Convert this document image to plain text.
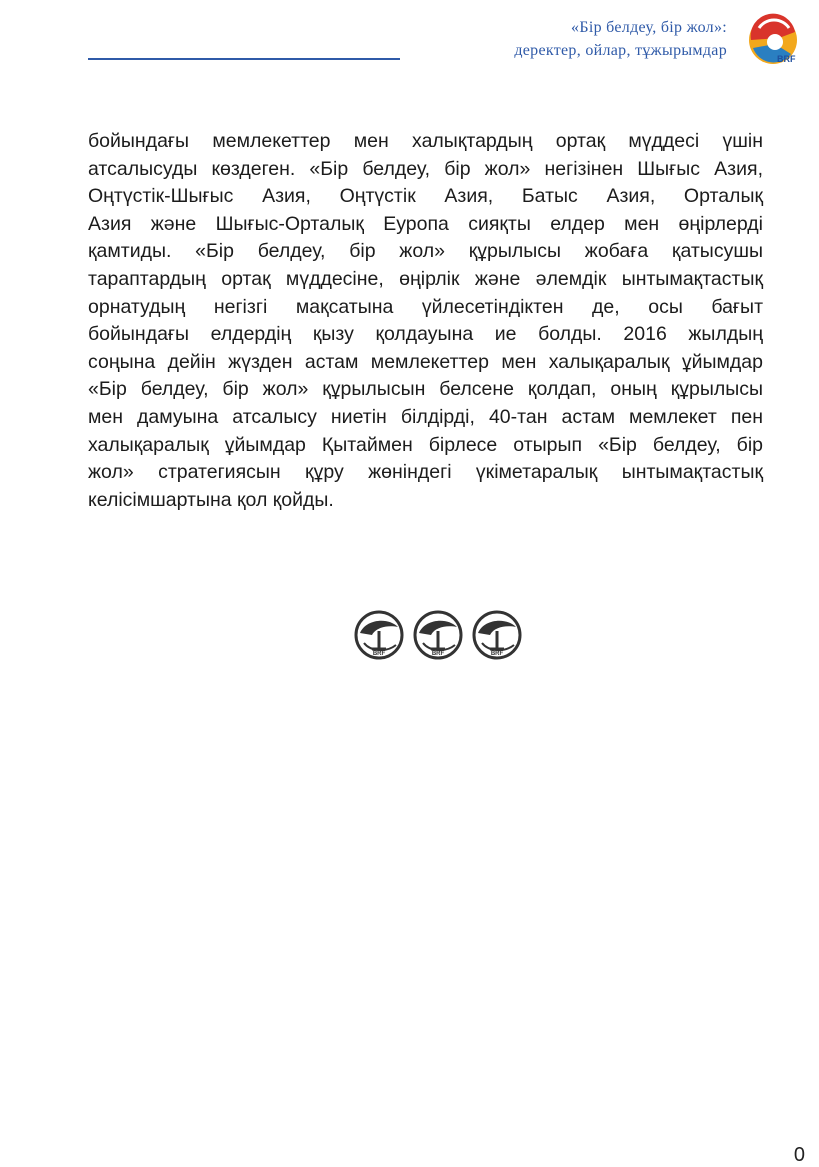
«Бір белдеу, бір жол»:
деректер, ойлар, тұжырымдар	BRF
бойындағы мемлекеттер мен халықтардың ортақ мүддесі үшін
атсалысуды көздеген. «Бір белдеу, бір жол» негізінен Шығыс Азия,
Оңтүстік-Шығыс Азия, Оңтүстік Азия, Батыс Азия, Орталық
Азия және Шығыс-Орталық Еуропа сияқты елдер мен өңірлерді
қамтиды. «Бір белдеу, бір жол» құрылысы жобаға қатысушы
тараптардың ортақ мүддесіне, өңірлік және әлемдік ынтымақтастық
орнатудың негізгі мақсатына үйлесетіндіктен де, осы бағыт
бойындағы елдердің қызу қолдауына ие болды. 2016 жылдың
соңына дейін жүзден астам мемлекеттер мен халықаралық ұйымдар
«Бір белдеу, бір жол» құрылысын белсене қолдап, оның құрылысы
мен дамуына атсалысу ниетін білдірді, 40-тан астам мемлекет пен
халықаралық ұйымдар Қытаймен бірлесе отырып «Бір белдеу, бір
жол» стратегиясын құру жөніндегі үкіметаралық ынтымақтастық
келісімшартына қол қойды.
BRF	BRF	BRF
0
